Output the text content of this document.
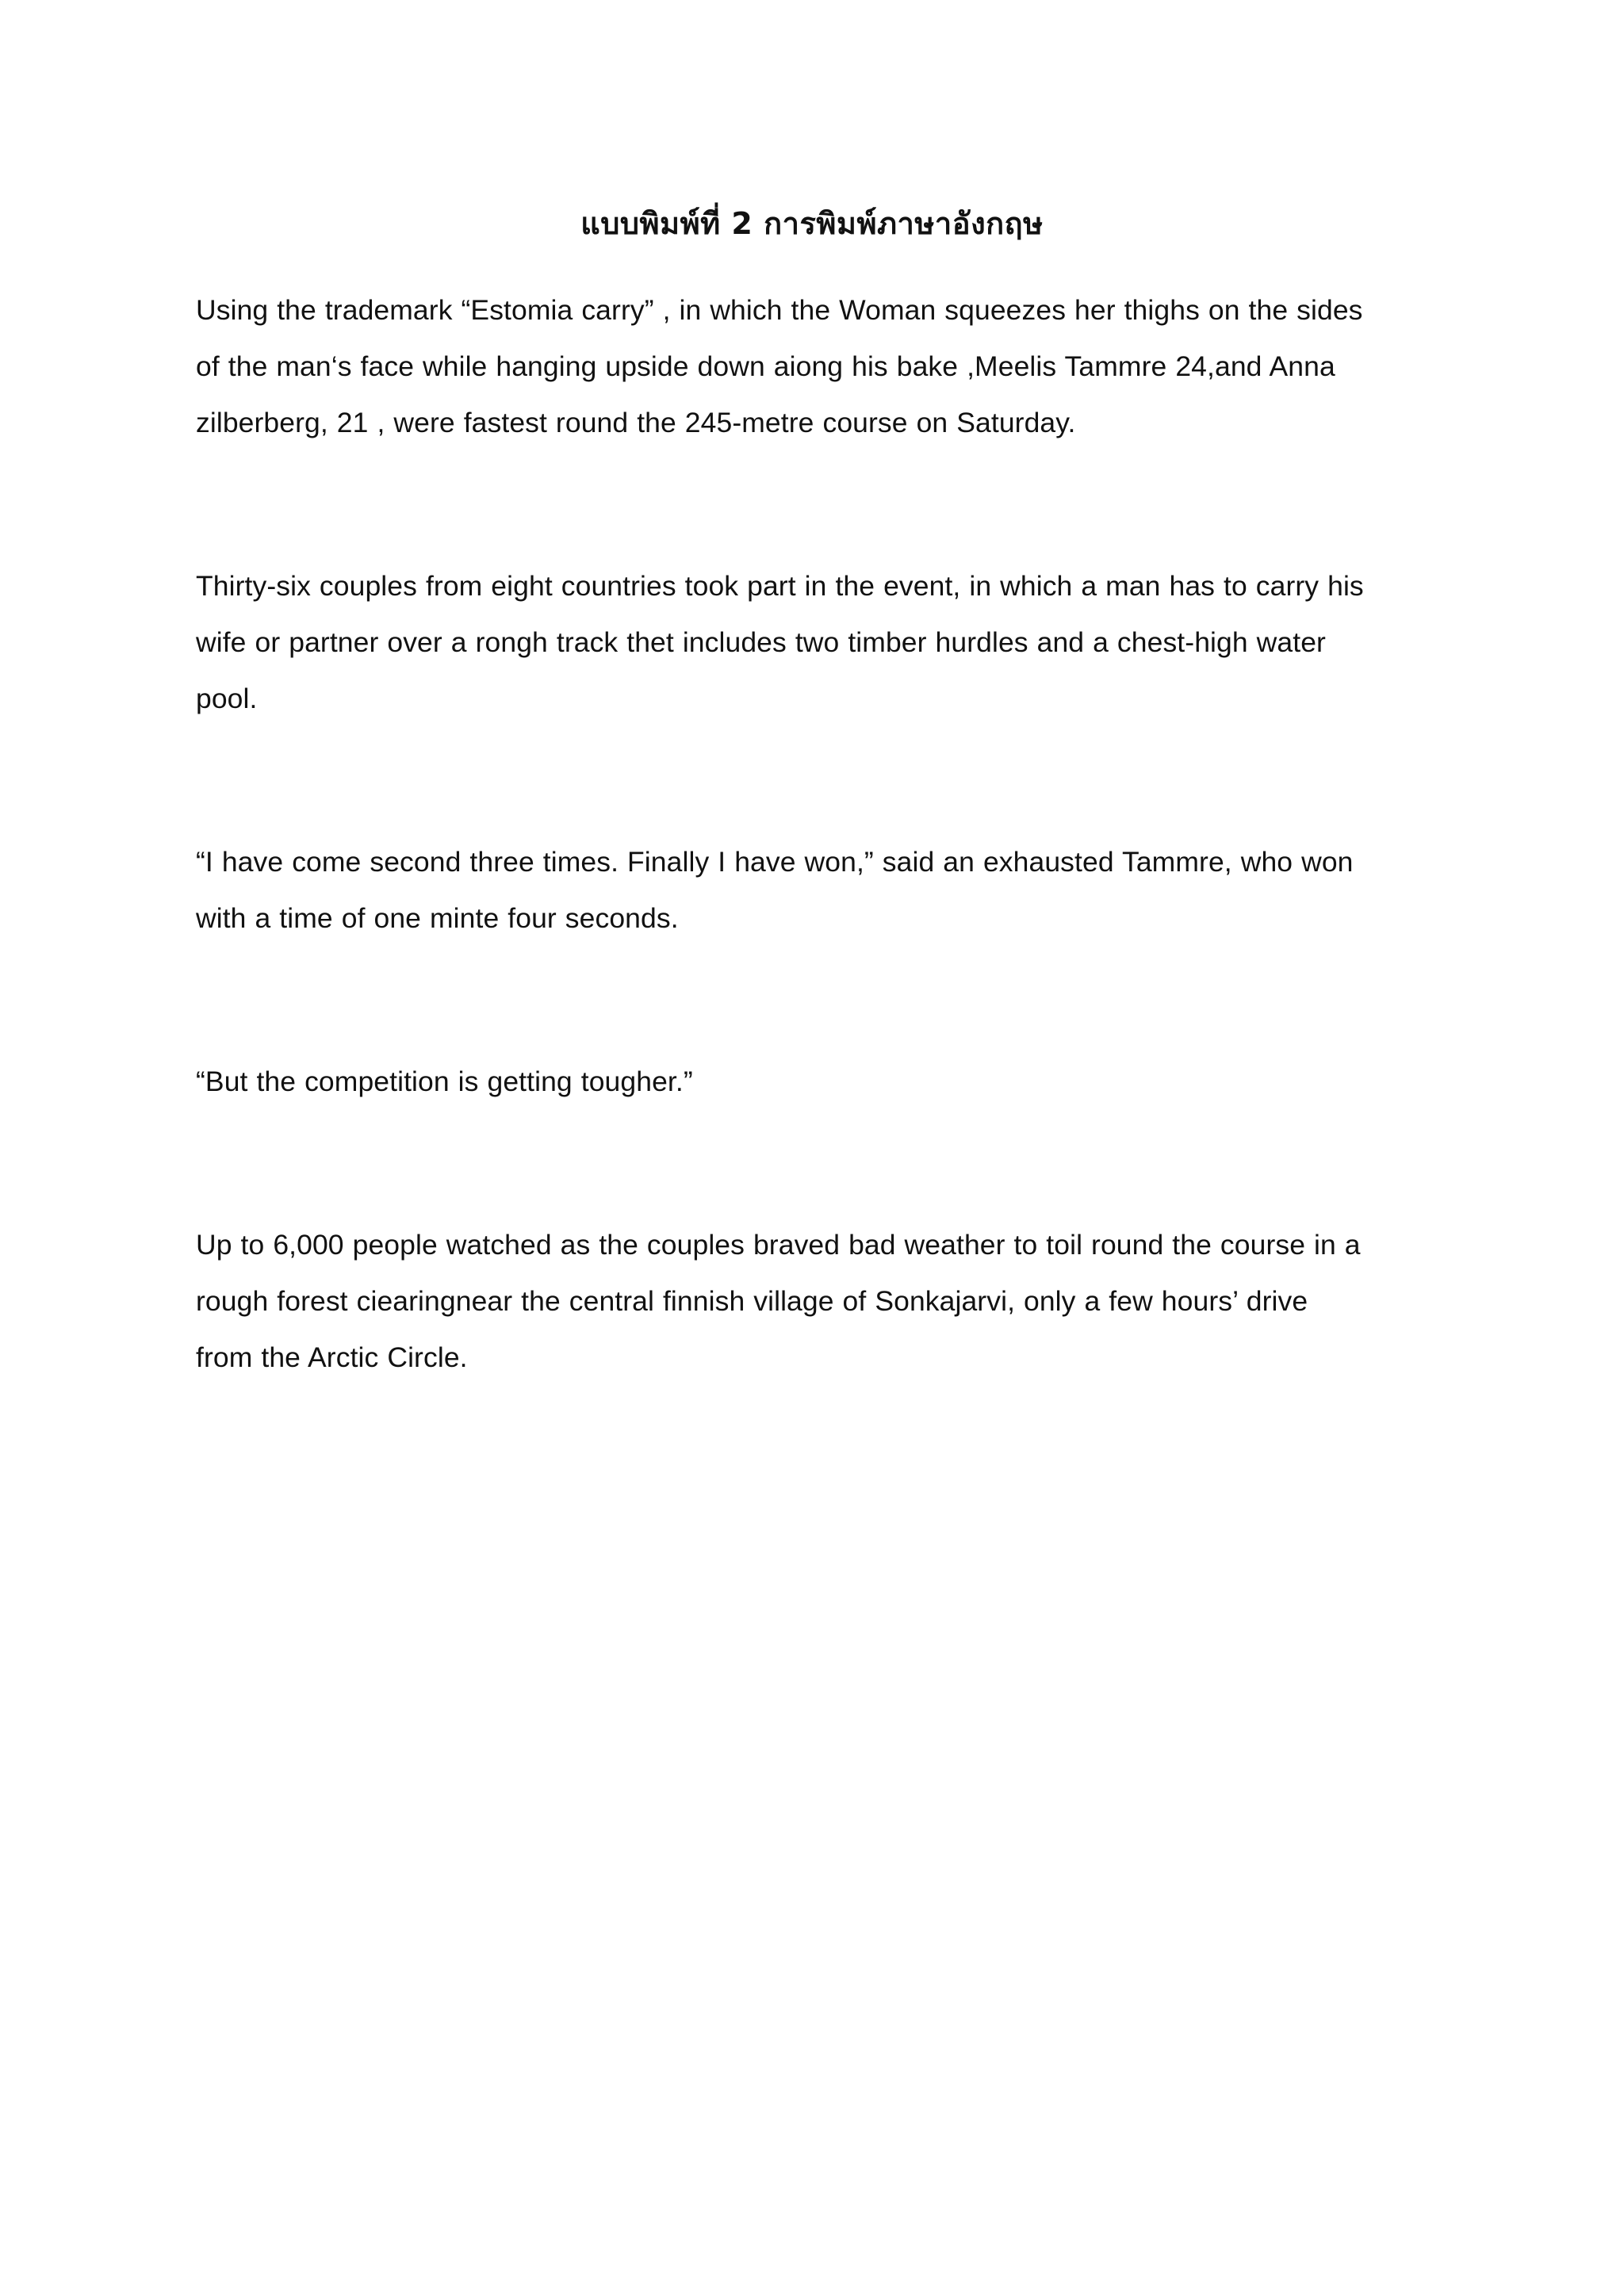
แบบพิมพ์ที่ 2 การพิมพ์ภาษาอังกฤษ

Using the trademark “Estomia carry” , in which the Woman squeezes her thighs on the sides
of the man‘s face while hanging upside down aiong his bake ,Meelis Tammre 24,and Anna
zilberberg, 21 , were fastest round the 245-metre course on Saturday.

Thirty-six couples from eight countries took part in the event, in which a man has to carry his
wife or partner over a rongh track thet includes two timber hurdles and a chest-high water
pool.

“I have come second three times. Finally I have won,” said an exhausted Tammre, who won
with a time of one minte four seconds.

“But the competition is getting tougher.”

Up to 6,000 people watched as the couples braved bad weather to toil round the course in a
rough forest ciearingnear the central finnish village of Sonkajarvi, only a few hours’ drive
from the Arctic Circle.
